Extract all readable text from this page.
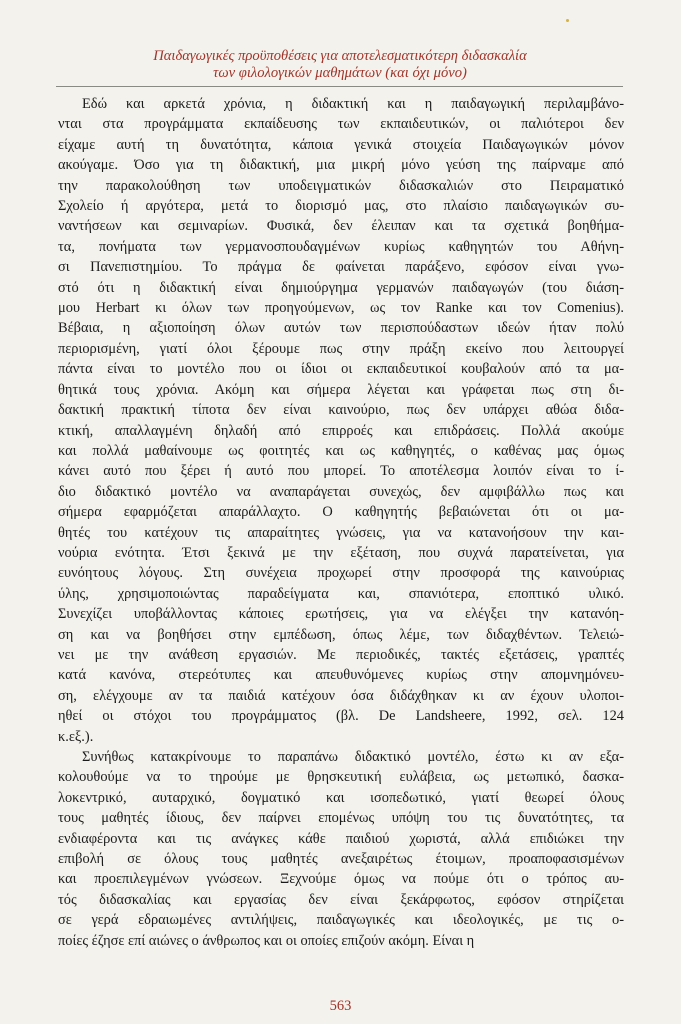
Παιδαγωγικές προϋποθέσεις για αποτελεσματικότερη διδασκαλία
των φιλολογικών μαθημάτων (και όχι μόνο)
Εδώ και αρκετά χρόνια, η διδακτική και η παιδαγωγική περιλαμβάνο-
νται στα προγράμματα εκπαίδευσης των εκπαιδευτικών, οι παλιότεροι δεν
είχαμε αυτή τη δυνατότητα, κάποια γενικά στοιχεία Παιδαγωγικών μόνον
ακούγαμε. Όσο για τη διδακτική, μια μικρή μόνο γεύση της παίρναμε από
την παρακολούθηση των υποδειγματικών διδασκαλιών στο Πειραματικό
Σχολείο ή αργότερα, μετά το διορισμό μας, στο πλαίσιο παιδαγωγικών συ-
ναντήσεων και σεμιναρίων. Φυσικά, δεν έλειπαν και τα σχετικά βοηθήμα-
τα, πονήματα των γερμανοσπουδαγμένων κυρίως καθηγητών του Αθήνη-
σι Πανεπιστημίου. Το πράγμα δε φαίνεται παράξενο, εφόσον είναι γνω-
στό ότι η διδακτική είναι δημιούργημα γερμανών παιδαγωγών (του διάση-
μου Herbart κι όλων των προηγούμενων, ως τον Ranke και τον Comenius).
Βέβαια, η αξιοποίηση όλων αυτών των περισπούδαστων ιδεών ήταν πολύ
περιορισμένη, γιατί όλοι ξέρουμε πως στην πράξη εκείνο που λειτουργεί
πάντα είναι το μοντέλο που οι ίδιοι οι εκπαιδευτικοί κουβαλούν από τα μα-
θητικά τους χρόνια. Ακόμη και σήμερα λέγεται και γράφεται πως στη δι-
δακτική πρακτική τίποτα δεν είναι καινούριο, πως δεν υπάρχει αθώα διδα-
κτική, απαλλαγμένη δηλαδή από επιρροές και επιδράσεις. Πολλά ακούμε
και πολλά μαθαίνουμε ως φοιτητές και ως καθηγητές, ο καθένας μας όμως
κάνει αυτό που ξέρει ή αυτό που μπορεί. Το αποτέλεσμα λοιπόν είναι το ί-
διο διδακτικό μοντέλο να αναπαράγεται συνεχώς, δεν αμφιβάλλω πως και
σήμερα εφαρμόζεται απαράλλαχτο. Ο καθηγητής βεβαιώνεται ότι οι μα-
θητές του κατέχουν τις απαραίτητες γνώσεις, για να κατανοήσουν την και-
νούρια ενότητα. Έτσι ξεκινά με την εξέταση, που συχνά παρατείνεται, για
ευνόητους λόγους. Στη συνέχεια προχωρεί στην προσφορά της καινούριας
ύλης, χρησιμοποιώντας παραδείγματα και, σπανιότερα, εποπτικό υλικό.
Συνεχίζει υποβάλλοντας κάποιες ερωτήσεις, για να ελέγξει την κατανόη-
ση και να βοηθήσει στην εμπέδωση, όπως λέμε, των διδαχθέντων. Τελειώ-
νει με την ανάθεση εργασιών. Με περιοδικές, τακτές εξετάσεις, γραπτές
κατά κανόνα, στερεότυπες και απευθυνόμενες κυρίως στην απομνημόνευ-
ση, ελέγχουμε αν τα παιδιά κατέχουν όσα διδάχθηκαν κι αν έχουν υλοποι-
ηθεί οι στόχοι του προγράμματος (βλ. De Landsheere, 1992, σελ. 124
κ.εξ.).
Συνήθως κατακρίνουμε το παραπάνω διδακτικό μοντέλο, έστω κι αν εξα-
κολουθούμε να το τηρούμε με θρησκευτική ευλάβεια, ως μετωπικό, δασκα-
λοκεντρικό, αυταρχικό, δογματικό και ισοπεδωτικό, γιατί θεωρεί όλους
τους μαθητές ίδιους, δεν παίρνει επομένως υπόψη του τις δυνατότητες, τα
ενδιαφέροντα και τις ανάγκες κάθε παιδιού χωριστά, αλλά επιδιώκει την
επιβολή σε όλους τους μαθητές ανεξαιρέτως έτοιμων, προαποφασισμένων
και προεπιλεγμένων γνώσεων. Ξεχνούμε όμως να πούμε ότι ο τρόπος αυ-
τός διδασκαλίας και εργασίας δεν είναι ξεκάρφωτος, εφόσον στηρίζεται
σε γερά εδραιωμένες αντιλήψεις, παιδαγωγικές και ιδεολογικές, με τις ο-
ποίες έζησε επί αιώνες ο άνθρωπος και οι οποίες επιζούν ακόμη. Είναι η
563
